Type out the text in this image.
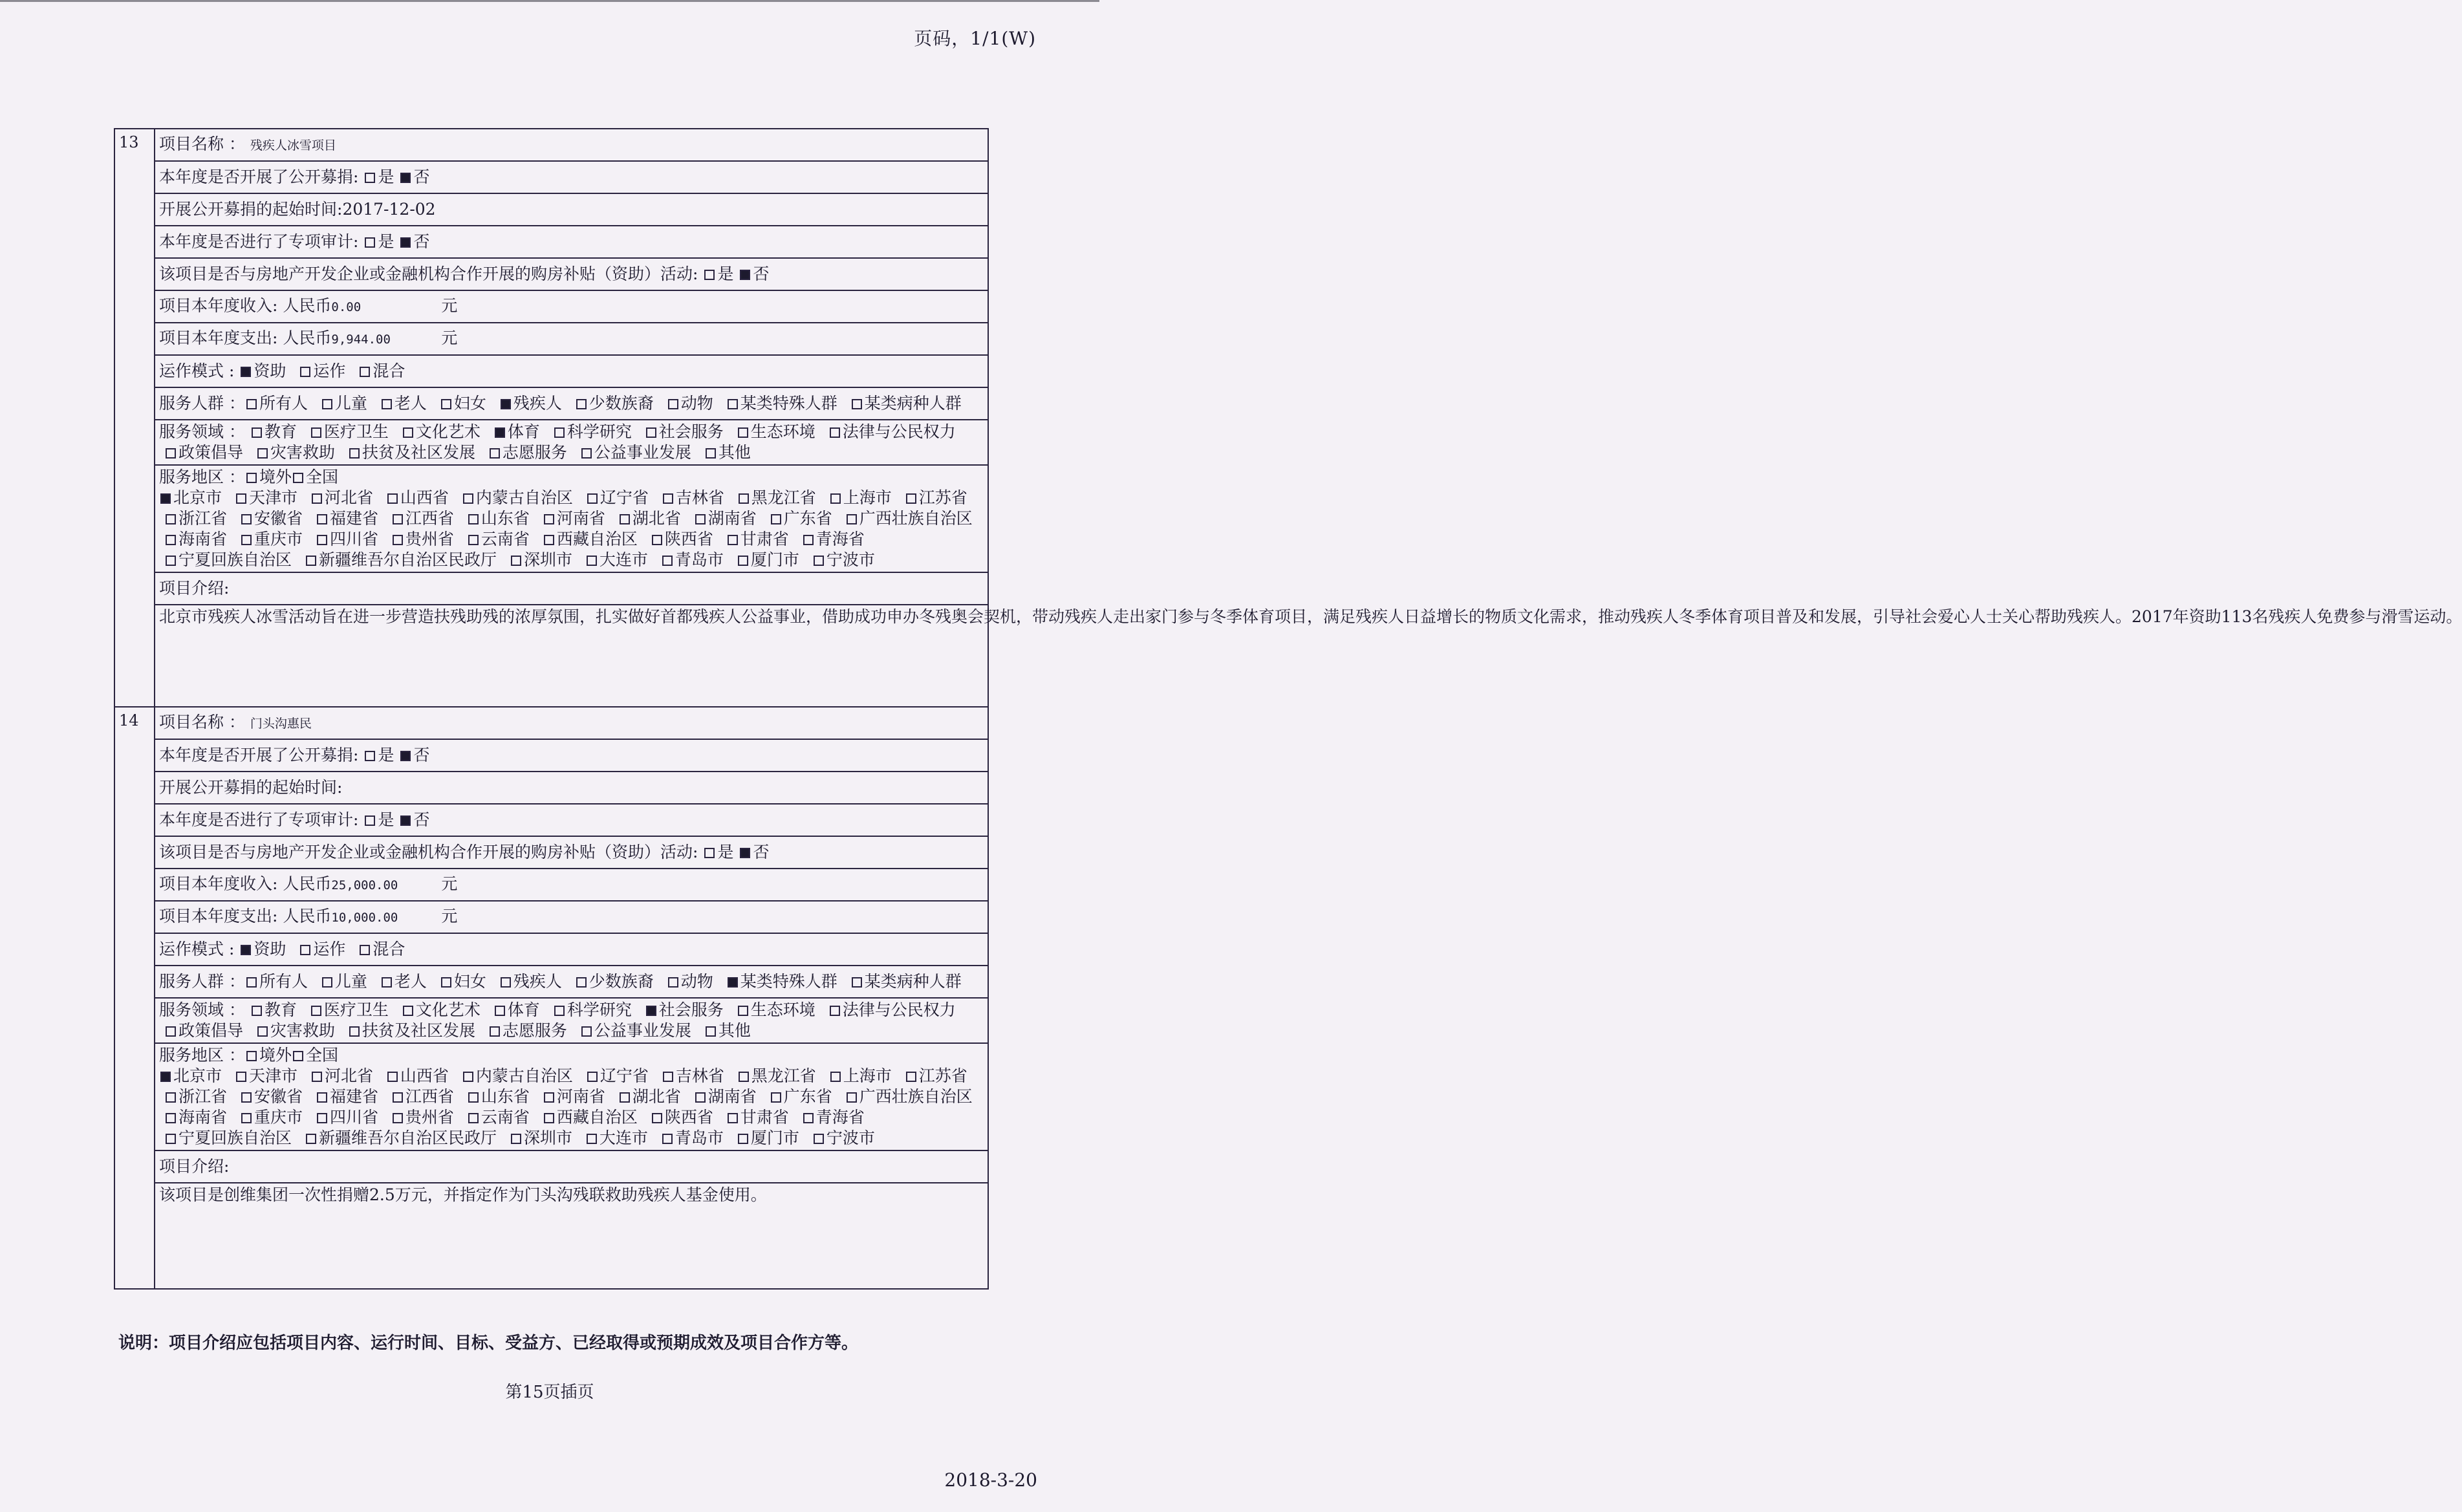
页码，1/1(W)
13	项目名称 ： 残疾人冰雪项目
	本年度是否开展了公开募捐: 是 否
	开展公开募捐的起始时间:2017-12-02
	本年度是否进行了专项审计: 是 否
	该项目是否与房地产开发企业或金融机构合作开展的购房补贴（资助）活动: 是 否
	项目本年度收入: 人民币0.00 元
	项目本年度支出: 人民币9,944.00 元
	运作模式 : 资助 运作 混合
	服务人群 ： 所有人 儿童 老人 妇女 残疾人 少数族裔 动物 某类特殊人群 某类病种人群
	服务领域 ： 教育 医疗卫生 文化艺术 体育 科学研究 社会服务 生态环境 法律与公民权力 政策倡导 灾害救助 扶贫及社区发展 志愿服务 公益事业发展 其他
	服务地区 ： 境外 全国
北京市 天津市 河北省 山西省 内蒙古自治区 辽宁省 吉林省 黑龙江省 上海市 江苏省 浙江省 安徽省 福建省 江西省 山东省 河南省 湖北省 湖南省 广东省 广西壮族自治区 海南省 重庆市 四川省 贵州省 云南省 西藏自治区 陕西省 甘肃省 青海省 宁夏回族自治区 新疆维吾尔自治区民政厅 深圳市 大连市 青岛市 厦门市 宁波市
	项目介绍:

	北京市残疾人冰雪活动旨在进一步营造扶残助残的浓厚氛围，扎实做好首都残疾人公益事业，借助成功申办冬残奥会契机，带动残疾人走出家门参与冬季体育项目，满足残疾人日益增长的物质文化需求，推动残疾人冬季体育项目普及和发展，引导社会爱心人士关心帮助残疾人。2017年资助113名残疾人免费参与滑雪运动。

14	项目名称 ： 门头沟惠民
	本年度是否开展了公开募捐: 是 否
	开展公开募捐的起始时间:
	本年度是否进行了专项审计: 是 否
	该项目是否与房地产开发企业或金融机构合作开展的购房补贴（资助）活动: 是 否
	项目本年度收入: 人民币25,000.00 元
	项目本年度支出: 人民币10,000.00 元
	运作模式 : 资助 运作 混合
	服务人群 ： 所有人 儿童 老人 妇女 残疾人 少数族裔 动物 某类特殊人群 某类病种人群
	服务领域 ： 教育 医疗卫生 文化艺术 体育 科学研究 社会服务 生态环境 法律与公民权力 政策倡导 灾害救助 扶贫及社区发展 志愿服务 公益事业发展 其他
	服务地区 ： 境外 全国
北京市 天津市 河北省 山西省 内蒙古自治区 辽宁省 吉林省 黑龙江省 上海市 江苏省 浙江省 安徽省 福建省 江西省 山东省 河南省 湖北省 湖南省 广东省 广西壮族自治区 海南省 重庆市 四川省 贵州省 云南省 西藏自治区 陕西省 甘肃省 青海省 宁夏回族自治区 新疆维吾尔自治区民政厅 深圳市 大连市 青岛市 厦门市 宁波市
	项目介绍:

	该项目是创维集团一次性捐赠2.5万元，并指定作为门头沟残联救助残疾人基金使用。
说明：项目介绍应包括项目内容、运行时间、目标、受益方、已经取得或预期成效及项目合作方等。
第15页插页
2018-3-20
